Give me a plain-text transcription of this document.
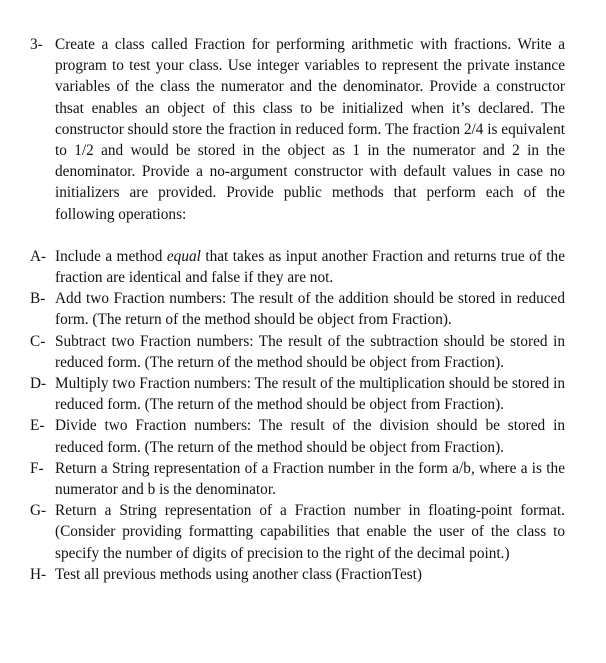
3- Create a class called Fraction for performing arithmetic with fractions. Write a program to test your class. Use integer variables to represent the private instance variables of the class the numerator and the denominator. Provide a constructor thsat enables an object of this class to be initialized when it’s declared. The constructor should store the fraction in reduced form. The fraction 2/4 is equivalent to 1/2 and would be stored in the object as 1 in the numerator and 2 in the denominator. Provide a no-argument constructor with default values in case no initializers are provided. Provide public methods that perform each of the following operations:

A- Include a method equal that takes as input another Fraction and returns true of the fraction are identical and false if they are not.

B- Add two Fraction numbers: The result of the addition should be stored in reduced form. (The return of the method should be object from Fraction).

C- Subtract two Fraction numbers: The result of the subtraction should be stored in reduced form. (The return of the method should be object from Fraction).

D- Multiply two Fraction numbers: The result of the multiplication should be stored in reduced form. (The return of the method should be object from Fraction).

E- Divide two Fraction numbers: The result of the division should be stored in reduced form. (The return of the method should be object from Fraction).

F- Return a String representation of a Fraction number in the form a/b, where a is the numerator and b is the denominator.

G- Return a String representation of a Fraction number in floating-point format. (Consider providing formatting capabilities that enable the user of the class to specify the number of digits of precision to the right of the decimal point.)

H- Test all previous methods using another class (FractionTest)
